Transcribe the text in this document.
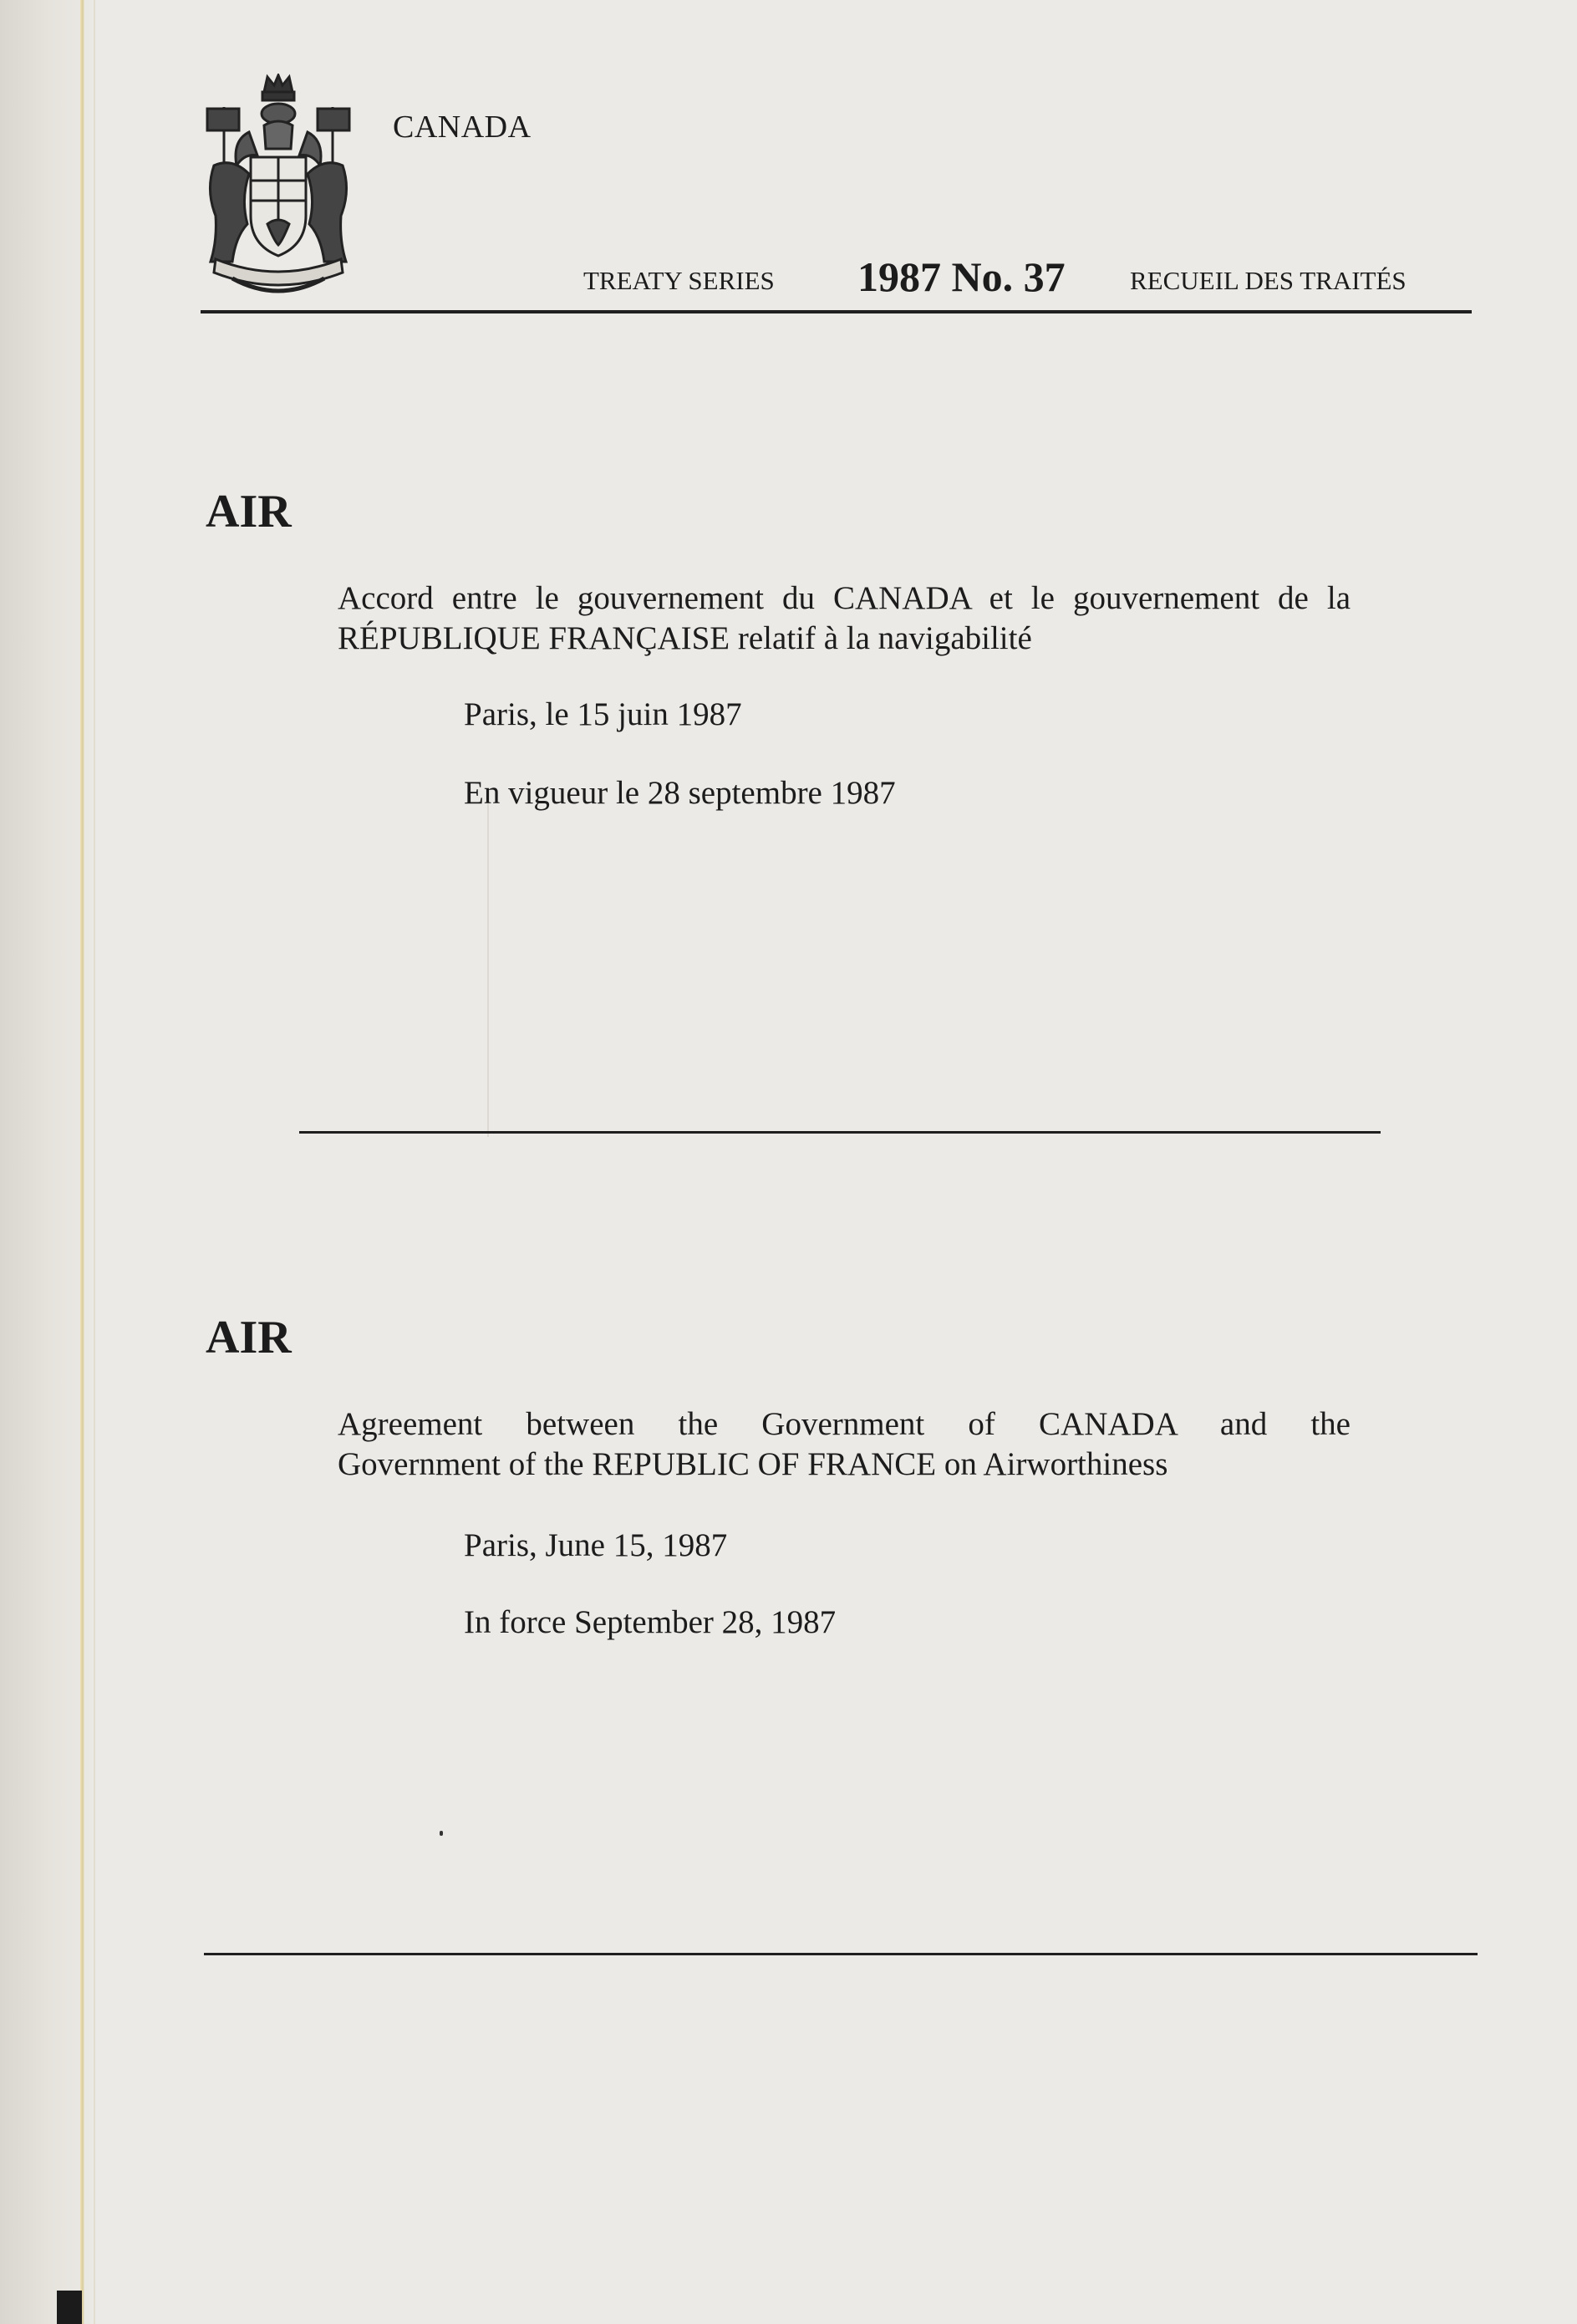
CANADA
TREATY SERIES 1987 No. 37 RECUEIL DES TRAITÉS
AIR
Accord entre le gouvernement du CANADA et le gouvernement de la RÉPUBLIQUE FRANÇAISE relatif à la navigabilité
Paris, le 15 juin 1987
En vigueur le 28 septembre 1987
AIR
Agreement between the Government of CANADA and the
Government of the REPUBLIC OF FRANCE on Airworthiness
Paris, June 15, 1987
In force September 28, 1987
